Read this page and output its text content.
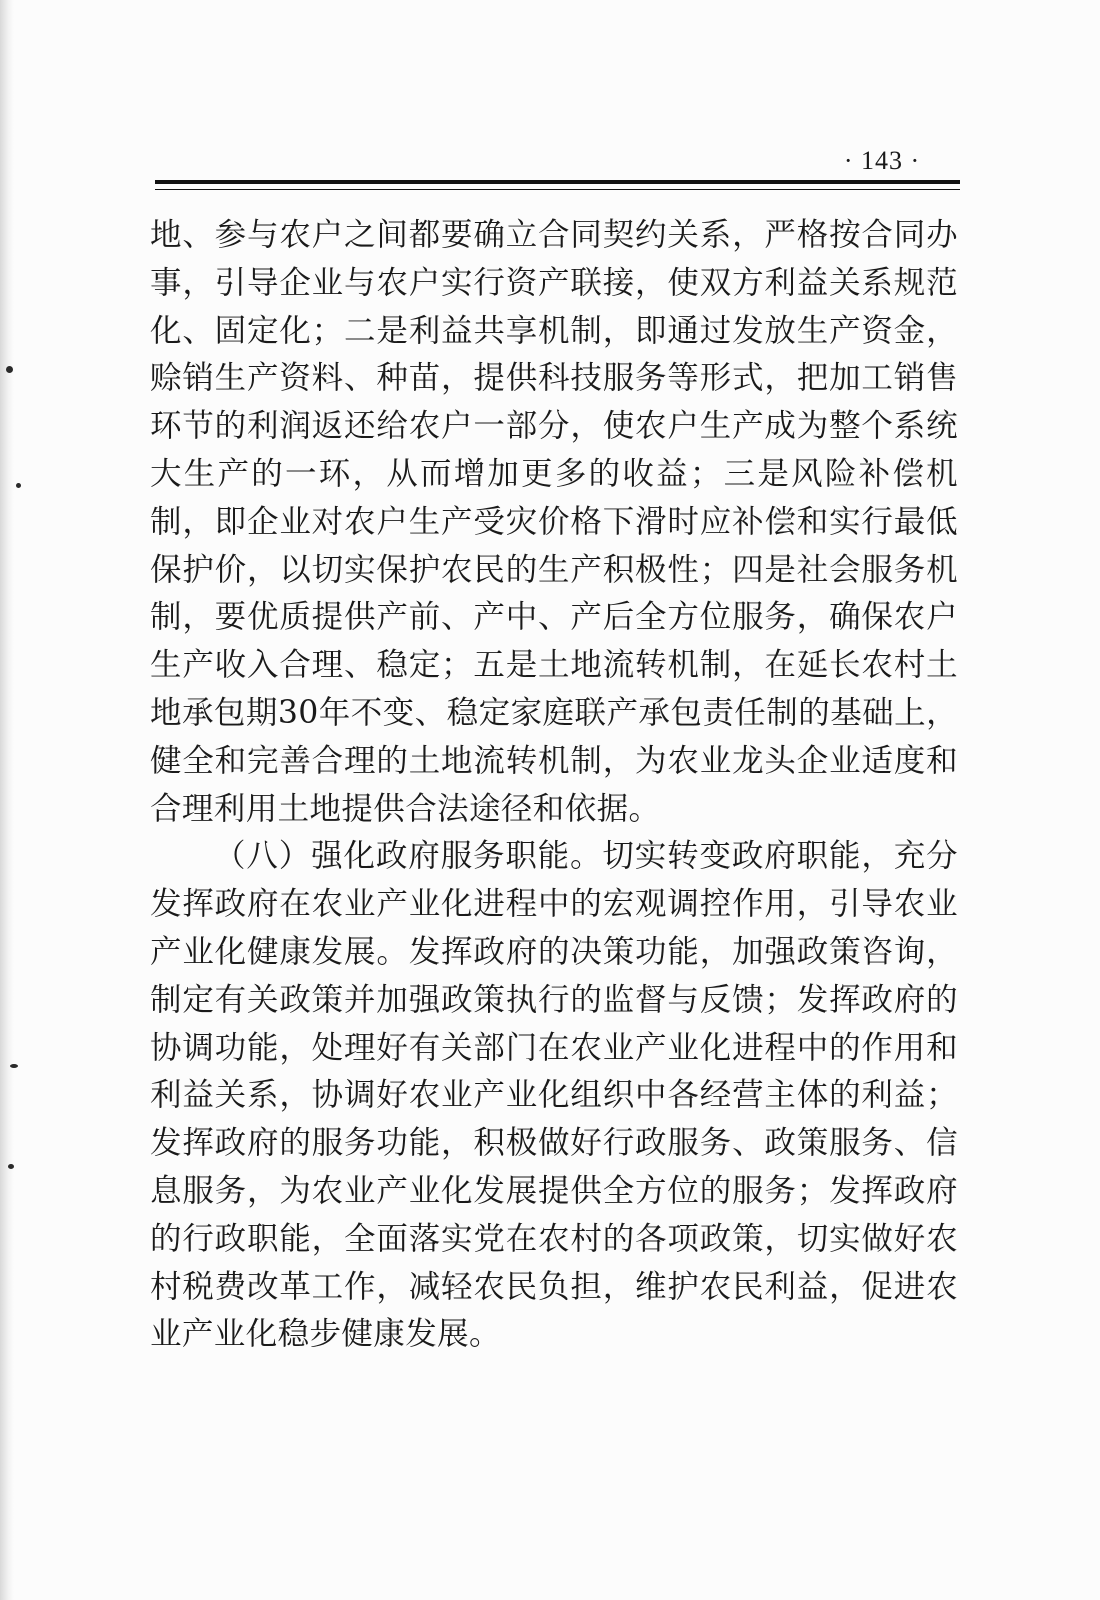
· 143 ·

地、参与农户之间都要确立合同契约关系，严格按合同办事，引导企业与农户实行资产联接，使双方利益关系规范化、固定化；二是利益共享机制，即通过发放生产资金，赊销生产资料、种苗，提供科技服务等形式，把加工销售环节的利润返还给农户一部分，使农户生产成为整个系统大生产的一环，从而增加更多的收益；三是风险补偿机制，即企业对农户生产受灾价格下滑时应补偿和实行最低保护价，以切实保护农民的生产积极性；四是社会服务机制，要优质提供产前、产中、产后全方位服务，确保农户生产收入合理、稳定；五是土地流转机制，在延长农村土地承包期30年不变、稳定家庭联产承包责任制的基础上，健全和完善合理的土地流转机制，为农业龙头企业适度和合理利用土地提供合法途径和依据。

（八）强化政府服务职能。切实转变政府职能，充分发挥政府在农业产业化进程中的宏观调控作用，引导农业产业化健康发展。发挥政府的决策功能，加强政策咨询，制定有关政策并加强政策执行的监督与反馈；发挥政府的协调功能，处理好有关部门在农业产业化进程中的作用和利益关系，协调好农业产业化组织中各经营主体的利益；发挥政府的服务功能，积极做好行政服务、政策服务、信息服务，为农业产业化发展提供全方位的服务；发挥政府的行政职能，全面落实党在农村的各项政策，切实做好农村税费改革工作，减轻农民负担，维护农民利益，促进农业产业化稳步健康发展。
